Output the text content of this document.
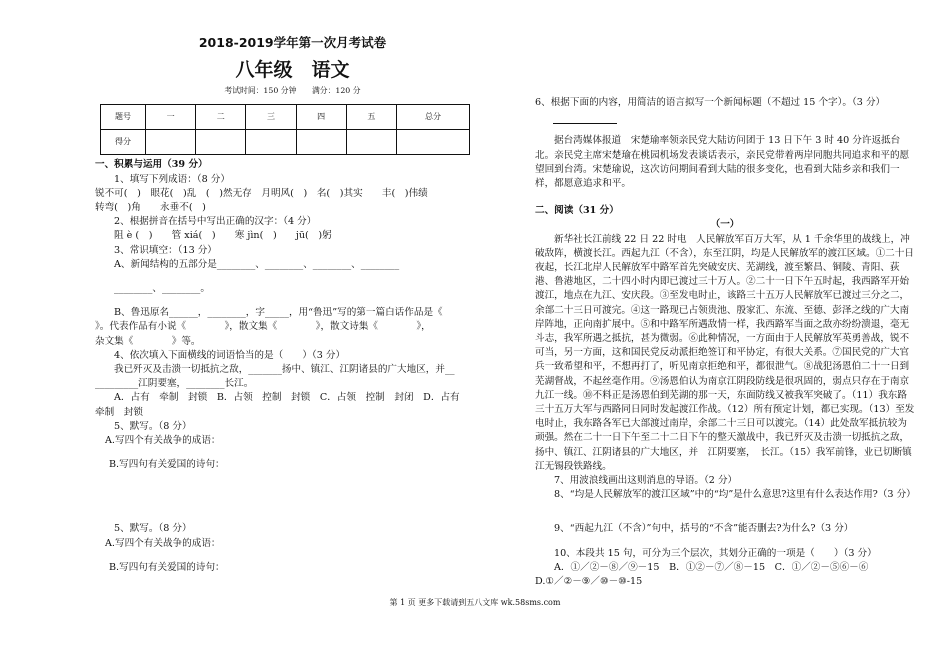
2018-2019学年第一次月考试卷
八年级　语文
考试时间：150 分钟　　满分：120 分
题号	一	二	三	四	五	总分
得分						

一、积累与运用（39 分）

1、填写下列成语：（8 分）

锐不可(　)　眼花(　)乱　(　)然无存　月明风(　)　名(　)其实　　丰(　)伟绩

转弯(　)角　　永垂不(　)

2、根据拼音在括号中写出正确的汉字：（4 分）

阻 è (　)　　管 xiá(　)　　寒 jìn(　)　　jū(　)躬

3、常识填空：（13 分）

A、新闻结构的五部分是________、________、________、________

________、________。

B、鲁迅原名______，________，字_____，用“鲁迅”写的第一篇白话作品是《

》。代表作品有小说《　　　　》，散文集《　　　　》，散文诗集《　　　　》，

杂文集《　　　　》等。

4、依次填入下面横线的词语恰当的是（　　）（3 分）

我已歼灭及击溃一切抵抗之敌，_______扬中、镇江、江阴诸县的广大地区，并__

_________江阴要塞，________长江。

A．占有　牵制　封锁　B．占领　控制　封锁　C．占领　控制　封闭　D．占有

牵制　封锁

5、默写。（8 分）

A.写四个有关战争的成语：

B.写四句有关爱国的诗句：

5、默写。（8 分）

A.写四个有关战争的成语：

B.写四句有关爱国的诗句：

6、根据下面的内容，用简洁的语言拟写一个新闻标题（不超过 15 个字）。（3 分）

据台湾媒体报道　宋楚瑜率领亲民党大陆访问团于 13 日下午 3 时 40 分许返抵台北。亲民党主席宋楚瑜在桃园机场发表谈话表示，亲民党带着两岸同胞共同追求和平的愿望回到台湾。宋楚瑜说，这次访问期间看到大陆的很多变化，也看到大陆乡亲和我们一样，都愿意追求和平。

二、阅读（31 分）

（一）

新华社长江前线 22 日 22 时电　人民解放军百万大军，从 1 千余华里的战线上，冲破敌阵，横渡长江。西起九江（不含），东至江阴，均是人民解放军的渡江区域。①二十日夜起，长江北岸人民解放军中路军首先突破安庆、芜湖线，渡至繁昌、铜陵、青阳、荻港、鲁港地区，二十四小时内即已渡过三十万人。②二十一日下午五时起，我西路军开始渡江，地点在九江、安庆段。③至发电时止，该路三十五万人民解放军已渡过三分之二，余部二十三日可渡完。④这一路现已占领贵池、殷家汇、东流、至德、彭泽之线的广大南岸阵地，正向南扩展中。⑤和中路军所遇敌情一样，我西路军当面之敌亦纷纷溃退，毫无斗志，我军所遇之抵抗，甚为微弱。⑥此种情况，一方面由于人民解放军英勇善战，锐不可当，另一方面，这和国民党反动派拒绝签订和平协定，有很大关系。⑦国民党的广大官兵一致希望和平，不想再打了，听见南京拒绝和平，都很泄气。⑧战犯汤恩伯二十一日到芜湖督战，不起丝毫作用。⑨汤恩伯认为南京江阴段防线是很巩固的，弱点只存在于南京九江一线。⑩不料正是汤恩伯到芜湖的那一天，东面防线又被我军突破了。（11）我东路三十五万大军与西路同日同时发起渡江作战。（12）所有预定计划，都已实现。（13）至发电时止，我东路各军已大部渡过南岸，余部二十三日可以渡完。（14）此处敌军抵抗较为顽强。然在二十一日下午至二十二日下午的整天激战中，我已歼灭及击溃一切抵抗之敌，　扬中、镇江、江阴诸县的广大地区，并　江阴要塞，　长江。（15）我军前锋，业已切断镇江无锡段铁路线。

7、用波浪线画出这则消息的导语。（2 分）

8、“均是人民解放军的渡江区域”中的“均”是什么意思?这里有什么表达作用?（3 分）

9、“西起九江（不含）”句中，括号的“不含”能否删去?为什么?（3 分）

10、本段共 15 句，可分为三个层次，其划分正确的一项是（　　）（3 分）

A．①／②－⑧／⑨－15　B．①②－⑦／⑧－15　C．①／②－⑤⑥－⑥

D.①／②－⑨／⑩－⑩-15

第 1 页 更多下载请到五八文库 wk.58sms.com
